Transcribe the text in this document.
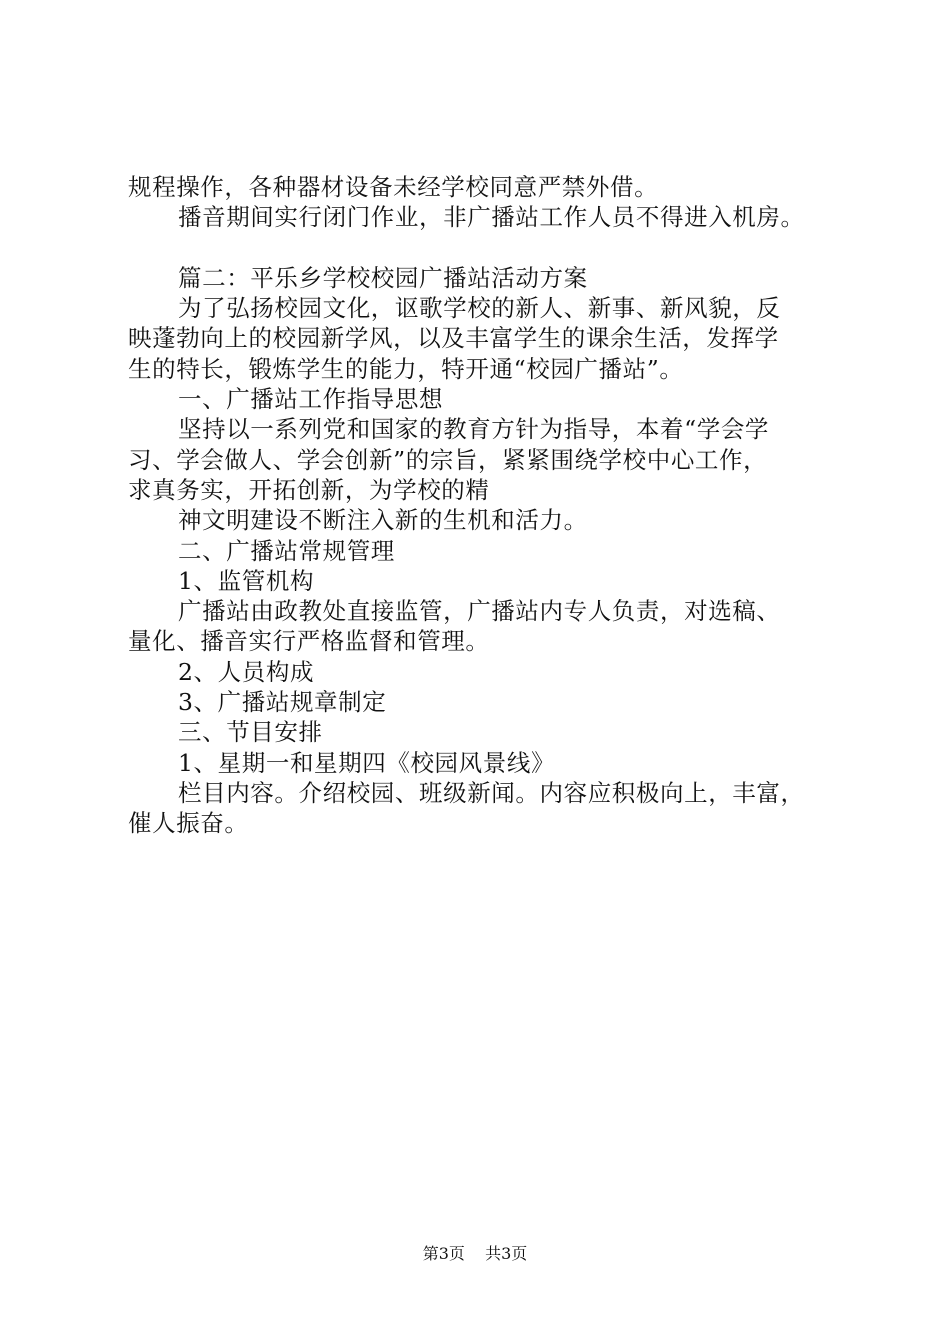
规程操作，各种器材设备未经学校同意严禁外借。
播音期间实行闭门作业，非广播站工作人员不得进入机房。
篇二：平乐乡学校校园广播站活动方案
为了弘扬校园文化，讴歌学校的新人、新事、新风貌，反
映蓬勃向上的校园新学风，以及丰富学生的课余生活，发挥学
生的特长，锻炼学生的能力，特开通“校园广播站”。
一、广播站工作指导思想
坚持以一系列党和国家的教育方针为指导，本着“学会学
习、学会做人、学会创新”的宗旨，紧紧围绕学校中心工作，
求真务实，开拓创新，为学校的精
神文明建设不断注入新的生机和活力。
二、广播站常规管理
1、监管机构
广播站由政教处直接监管，广播站内专人负责，对选稿、
量化、播音实行严格监督和管理。
2、人员构成
3、广播站规章制定
三、节目安排
1、星期一和星期四《校园风景线》
栏目内容。介绍校园、班级新闻。内容应积极向上，丰富，
催人振奋。
第3页 共3页
